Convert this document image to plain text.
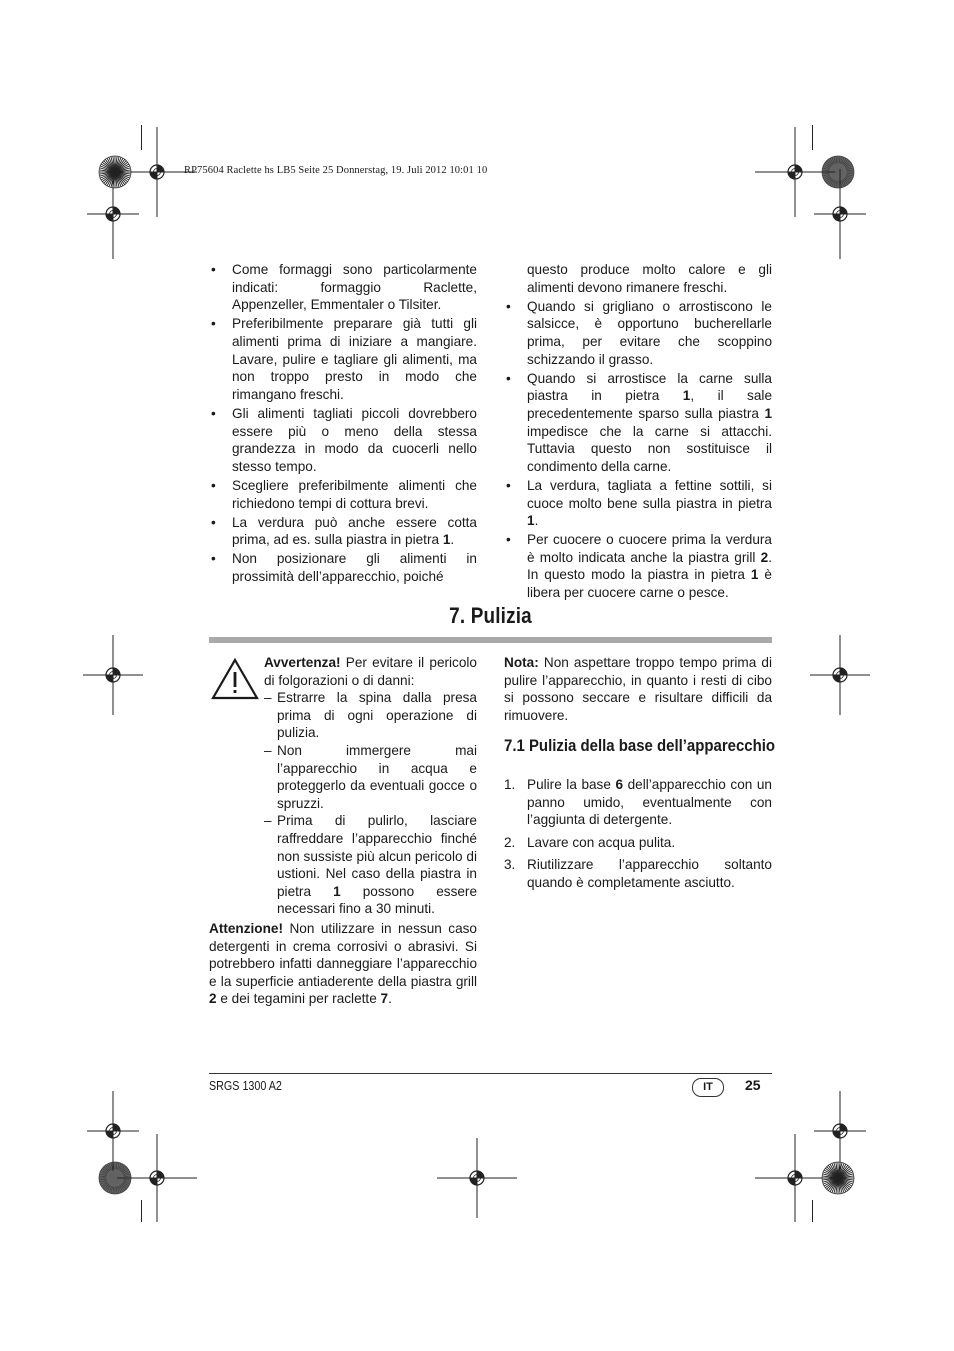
RP75604 Raclette hs LB5 Seite 25 Donnerstag, 19. Juli 2012 10:01 10
• Come formaggi sono particolarmente indicati: formaggio Raclette, Appenzeller, Emmentaler o Tilsiter.
• Preferibilmente preparare già tutti gli alimenti prima di iniziare a mangiare. Lavare, pulire e tagliare gli alimenti, ma non troppo presto in modo che rimangano freschi.
• Gli alimenti tagliati piccoli dovrebbero essere più o meno della stessa grandezza in modo da cuocerli nello stesso tempo.
• Scegliere preferibilmente alimenti che richiedono tempi di cottura brevi.
• La verdura può anche essere cotta prima, ad es. sulla piastra in pietra 1.
• Non posizionare gli alimenti in prossimità dell’apparecchio, poiché

questo produce molto calore e gli alimenti devono rimanere freschi.

• Quando si grigliano o arrostiscono le salsicce, è opportuno bucherellarle prima, per evitare che scoppino schizzando il grasso.
• Quando si arrostisce la carne sulla piastra in pietra 1, il sale precedentemente sparso sulla piastra 1 impedisce che la carne si attacchi. Tuttavia questo non sostituisce il condimento della carne.
• La verdura, tagliata a fettine sottili, si cuoce molto bene sulla piastra in pietra 1.
• Per cuocere o cuocere prima la verdura è molto indicata anche la piastra grill 2. In questo modo la piastra in pietra 1 è libera per cuocere carne o pesce.
7. Pulizia

Avvertenza! Per evitare il pericolo di folgorazioni o di danni:

– Estrarre la spina dalla presa prima di ogni operazione di pulizia.
– Non immergere mai l’apparecchio in acqua e proteggerlo da eventuali gocce o spruzzi.
– Prima di pulirlo, lasciare raffreddare l’apparecchio finché non sussiste più alcun pericolo di ustioni. Nel caso della piastra in pietra 1 possono essere necessari fino a 30 minuti.

Attenzione! Non utilizzare in nessun caso detergenti in crema corrosivi o abrasivi. Si potrebbero infatti danneggiare l’apparecchio e la superficie antiaderente della piastra grill 2 e dei tegamini per raclette 7.

Nota: Non aspettare troppo tempo prima di pulire l’apparecchio, in quanto i resti di cibo si possono seccare e risultare difficili da rimuovere.

7.1 Pulizia della base dell’apparecchio
1. Pulire la base 6 dell’apparecchio con un panno umido, eventualmente con l’aggiunta di detergente.
2. Lavare con acqua pulita.
3. Riutilizzare l’apparecchio soltanto quando è completamente asciutto.
SRGS 1300 A2	IT	25
